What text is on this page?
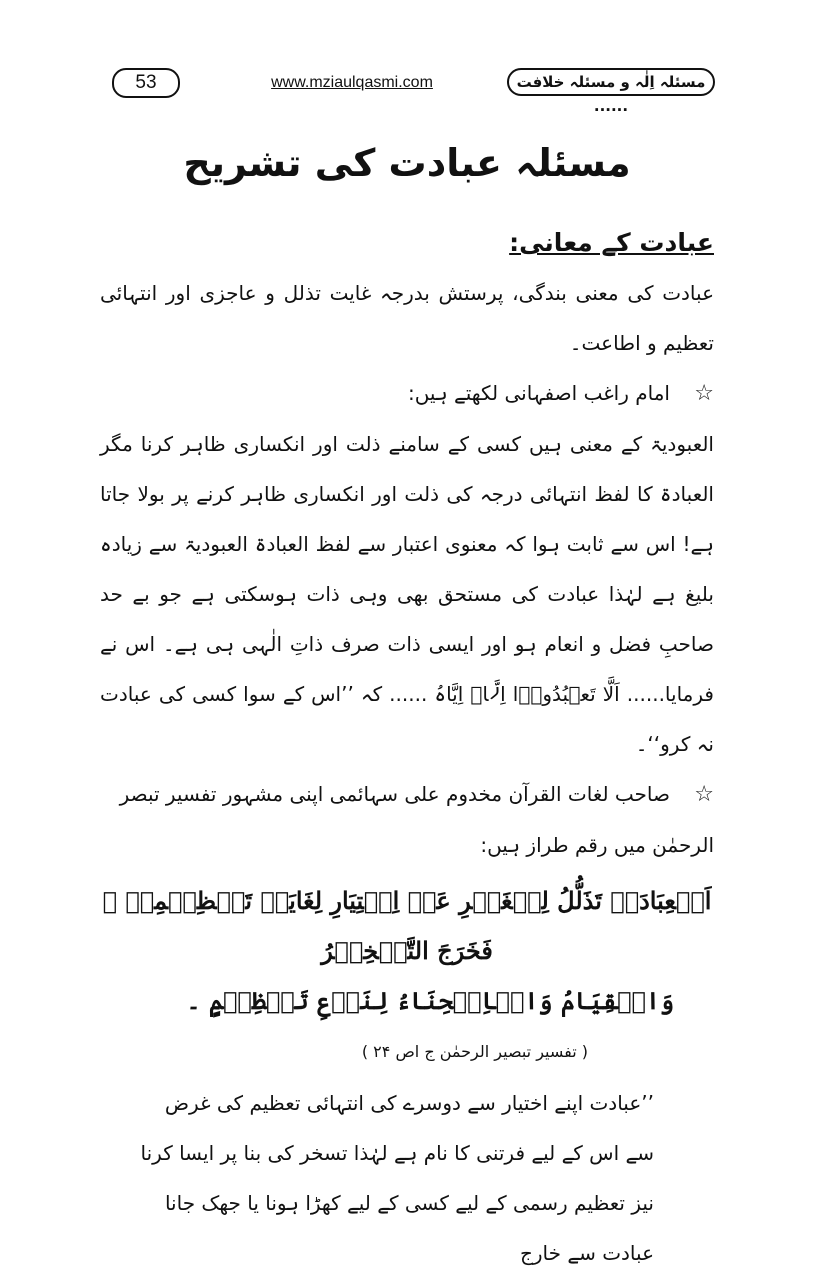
53	www.mziaulqasmi.com	مسئلہ اِلٰہ و مسئلہ خلافت ......
مسئلہ عبادت کی تشریح
عبادت کے معانی:

عبادت کی معنی بندگی، پرستش بدرجہ غایت تذلل و عاجزی اور انتہائی تعظیم و اطاعت۔

☆امام راغب اصفہانی لکھتے ہیں:

العبودیۃ کے معنی ہیں کسی کے سامنے ذلت اور انکساری ظاہر کرنا مگر العبادۃ کا لفظ انتہائی درجہ کی ذلت اور انکساری ظاہر کرنے پر بولا جاتا ہے! اس سے ثابت ہوا کہ معنوی اعتبار سے لفظ العبادۃ العبودیۃ سے زیادہ بلیغ ہے لہٰذا عبادت کی مستحق بھی وہی ذات ہوسکتی ہے جو بے حد صاحبِ فضل و انعام ہو اور ایسی ذات صرف ذاتِ الٰہی ہی ہے۔ اس نے فرمایا...... اَلَّا تَعۡبُدُوۡۤا اِلَّاۤ اِیَّاہُ ...... کہ ’’اس کے سوا کسی کی عبادت نہ کرو‘‘۔

☆صاحب لغات القرآن مخدوم علی سہائمی اپنی مشہور تفسیر تبصر الرحمٰن میں رقم طراز ہیں:

اَلۡعِبَادَۃُ تَذَلُّلُ لِلۡغَیۡرِ عَنۡ اِخۡتِیَارِ لِغَایَۃِ تَعۡظِیۡمِہٖ ۔ فَخَرَجَ التَّسۡخِیۡرُ

وَالۡقِیَامُ وَالۡاِنۡحِنَاءُ لِنَوۡعِ تَعۡظِیۡمٍ ۔

( تفسیر تبصیر الرحمٰن ج اص ۲۴ )

’’عبادت اپنے اختیار سے دوسرے کی انتہائی تعظیم کی غرض سے اس کے لیے فرتنی کا نام ہے لہٰذا تسخر کی بنا پر ایسا کرنا نیز تعظیم رسمی کے لیے کسی کے لیے کھڑا ہونا یا جھک جانا عبادت سے خارج
